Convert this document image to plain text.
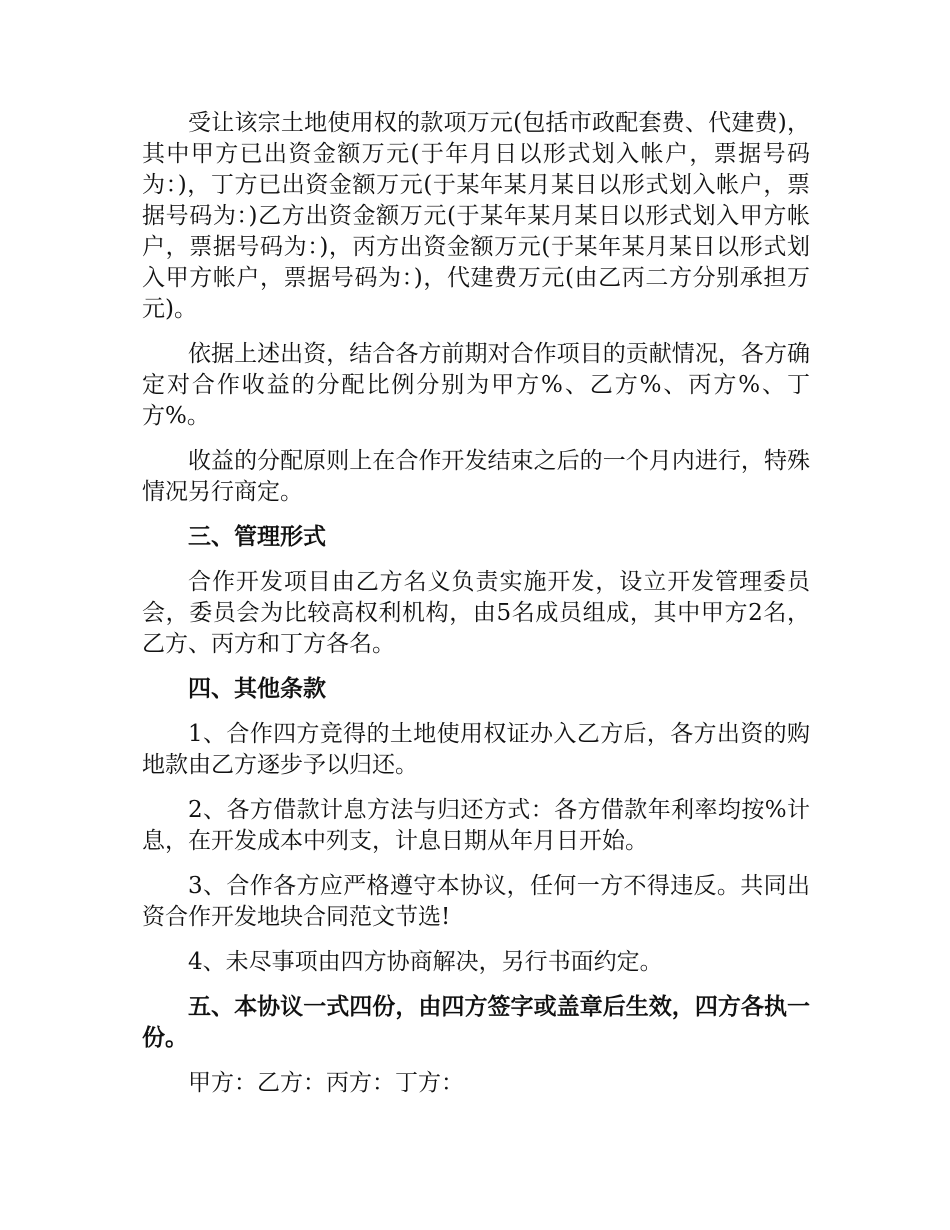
受让该宗土地使用权的款项万元(包括市政配套费、代建费)，其中甲方已出资金额万元(于年月日以形式划入帐户，票据号码为：)，丁方已出资金额万元(于某年某月某日以形式划入帐户，票据号码为：)乙方出资金额万元(于某年某月某日以形式划入甲方帐户，票据号码为：)，丙方出资金额万元(于某年某月某日以形式划入甲方帐户，票据号码为：)，代建费万元(由乙丙二方分别承担万元)。

依据上述出资，结合各方前期对合作项目的贡献情况，各方确定对合作收益的分配比例分别为甲方%、乙方%、丙方%、丁方%。

收益的分配原则上在合作开发结束之后的一个月内进行，特殊情况另行商定。

三、管理形式

合作开发项目由乙方名义负责实施开发，设立开发管理委员会，委员会为比较高权利机构，由5名成员组成，其中甲方2名，乙方、丙方和丁方各名。

四、其他条款

1、合作四方竞得的土地使用权证办入乙方后，各方出资的购地款由乙方逐步予以归还。

2、各方借款计息方法与归还方式：各方借款年利率均按%计息，在开发成本中列支，计息日期从年月日开始。

3、合作各方应严格遵守本协议，任何一方不得违反。共同出资合作开发地块合同范文节选!

4、未尽事项由四方协商解决，另行书面约定。

五、本协议一式四份，由四方签字或盖章后生效，四方各执一份。

甲方：乙方：丙方：丁方：
